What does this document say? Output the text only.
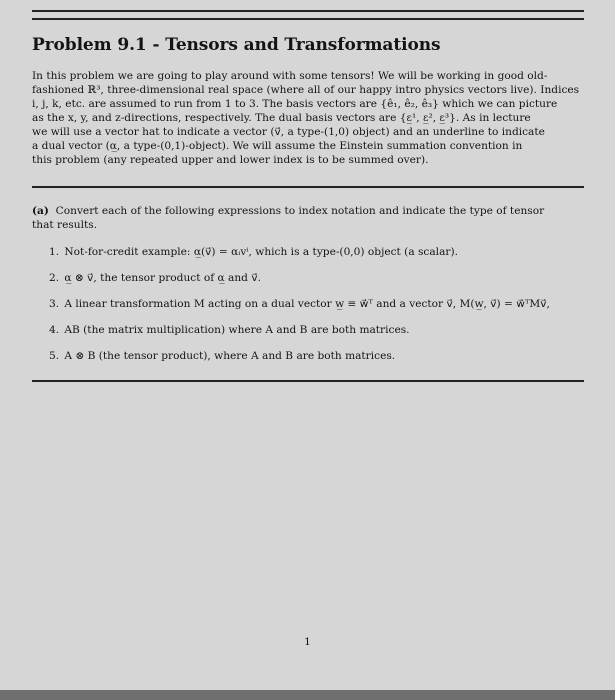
Problem 9.1 - Tensors and Transformations

In this problem we are going to play around with some tensors! We will be working in good old-
fashioned ℝ³, three-dimensional real space (where all of our happy intro physics vectors live). Indices
i, j, k, etc. are assumed to run from 1 to 3. The basis vectors are {ê₁, ê₂, ê₃} which we can picture
as the x, y, and z-directions, respectively. The dual basis vectors are {ε̲¹, ε̲², ε̲³}. As in lecture
we will use a vector hat to indicate a vector (v⃗, a type-(1,0) object) and an underline to indicate
a dual vector (α̲, a type-(0,1)-object). We will assume the Einstein summation convention in
this problem (any repeated upper and lower index is to be summed over).

(a) Convert each of the following expressions to index notation and indicate the type of tensor
that results.

1. Not-for-credit example: α̲(v⃗) = αᵢvⁱ, which is a type-(0,0) object (a scalar).
2. α̲ ⊗ v⃗, the tensor product of α̲ and v⃗.
3. A linear transformation M acting on a dual vector w̲ ≡ w⃗ᵀ and a vector v⃗, M(w̲, v⃗) = w⃗ᵀMv⃗,
4. AB (the matrix multiplication) where A and B are both matrices.
5. A ⊗ B (the tensor product), where A and B are both matrices.
1
